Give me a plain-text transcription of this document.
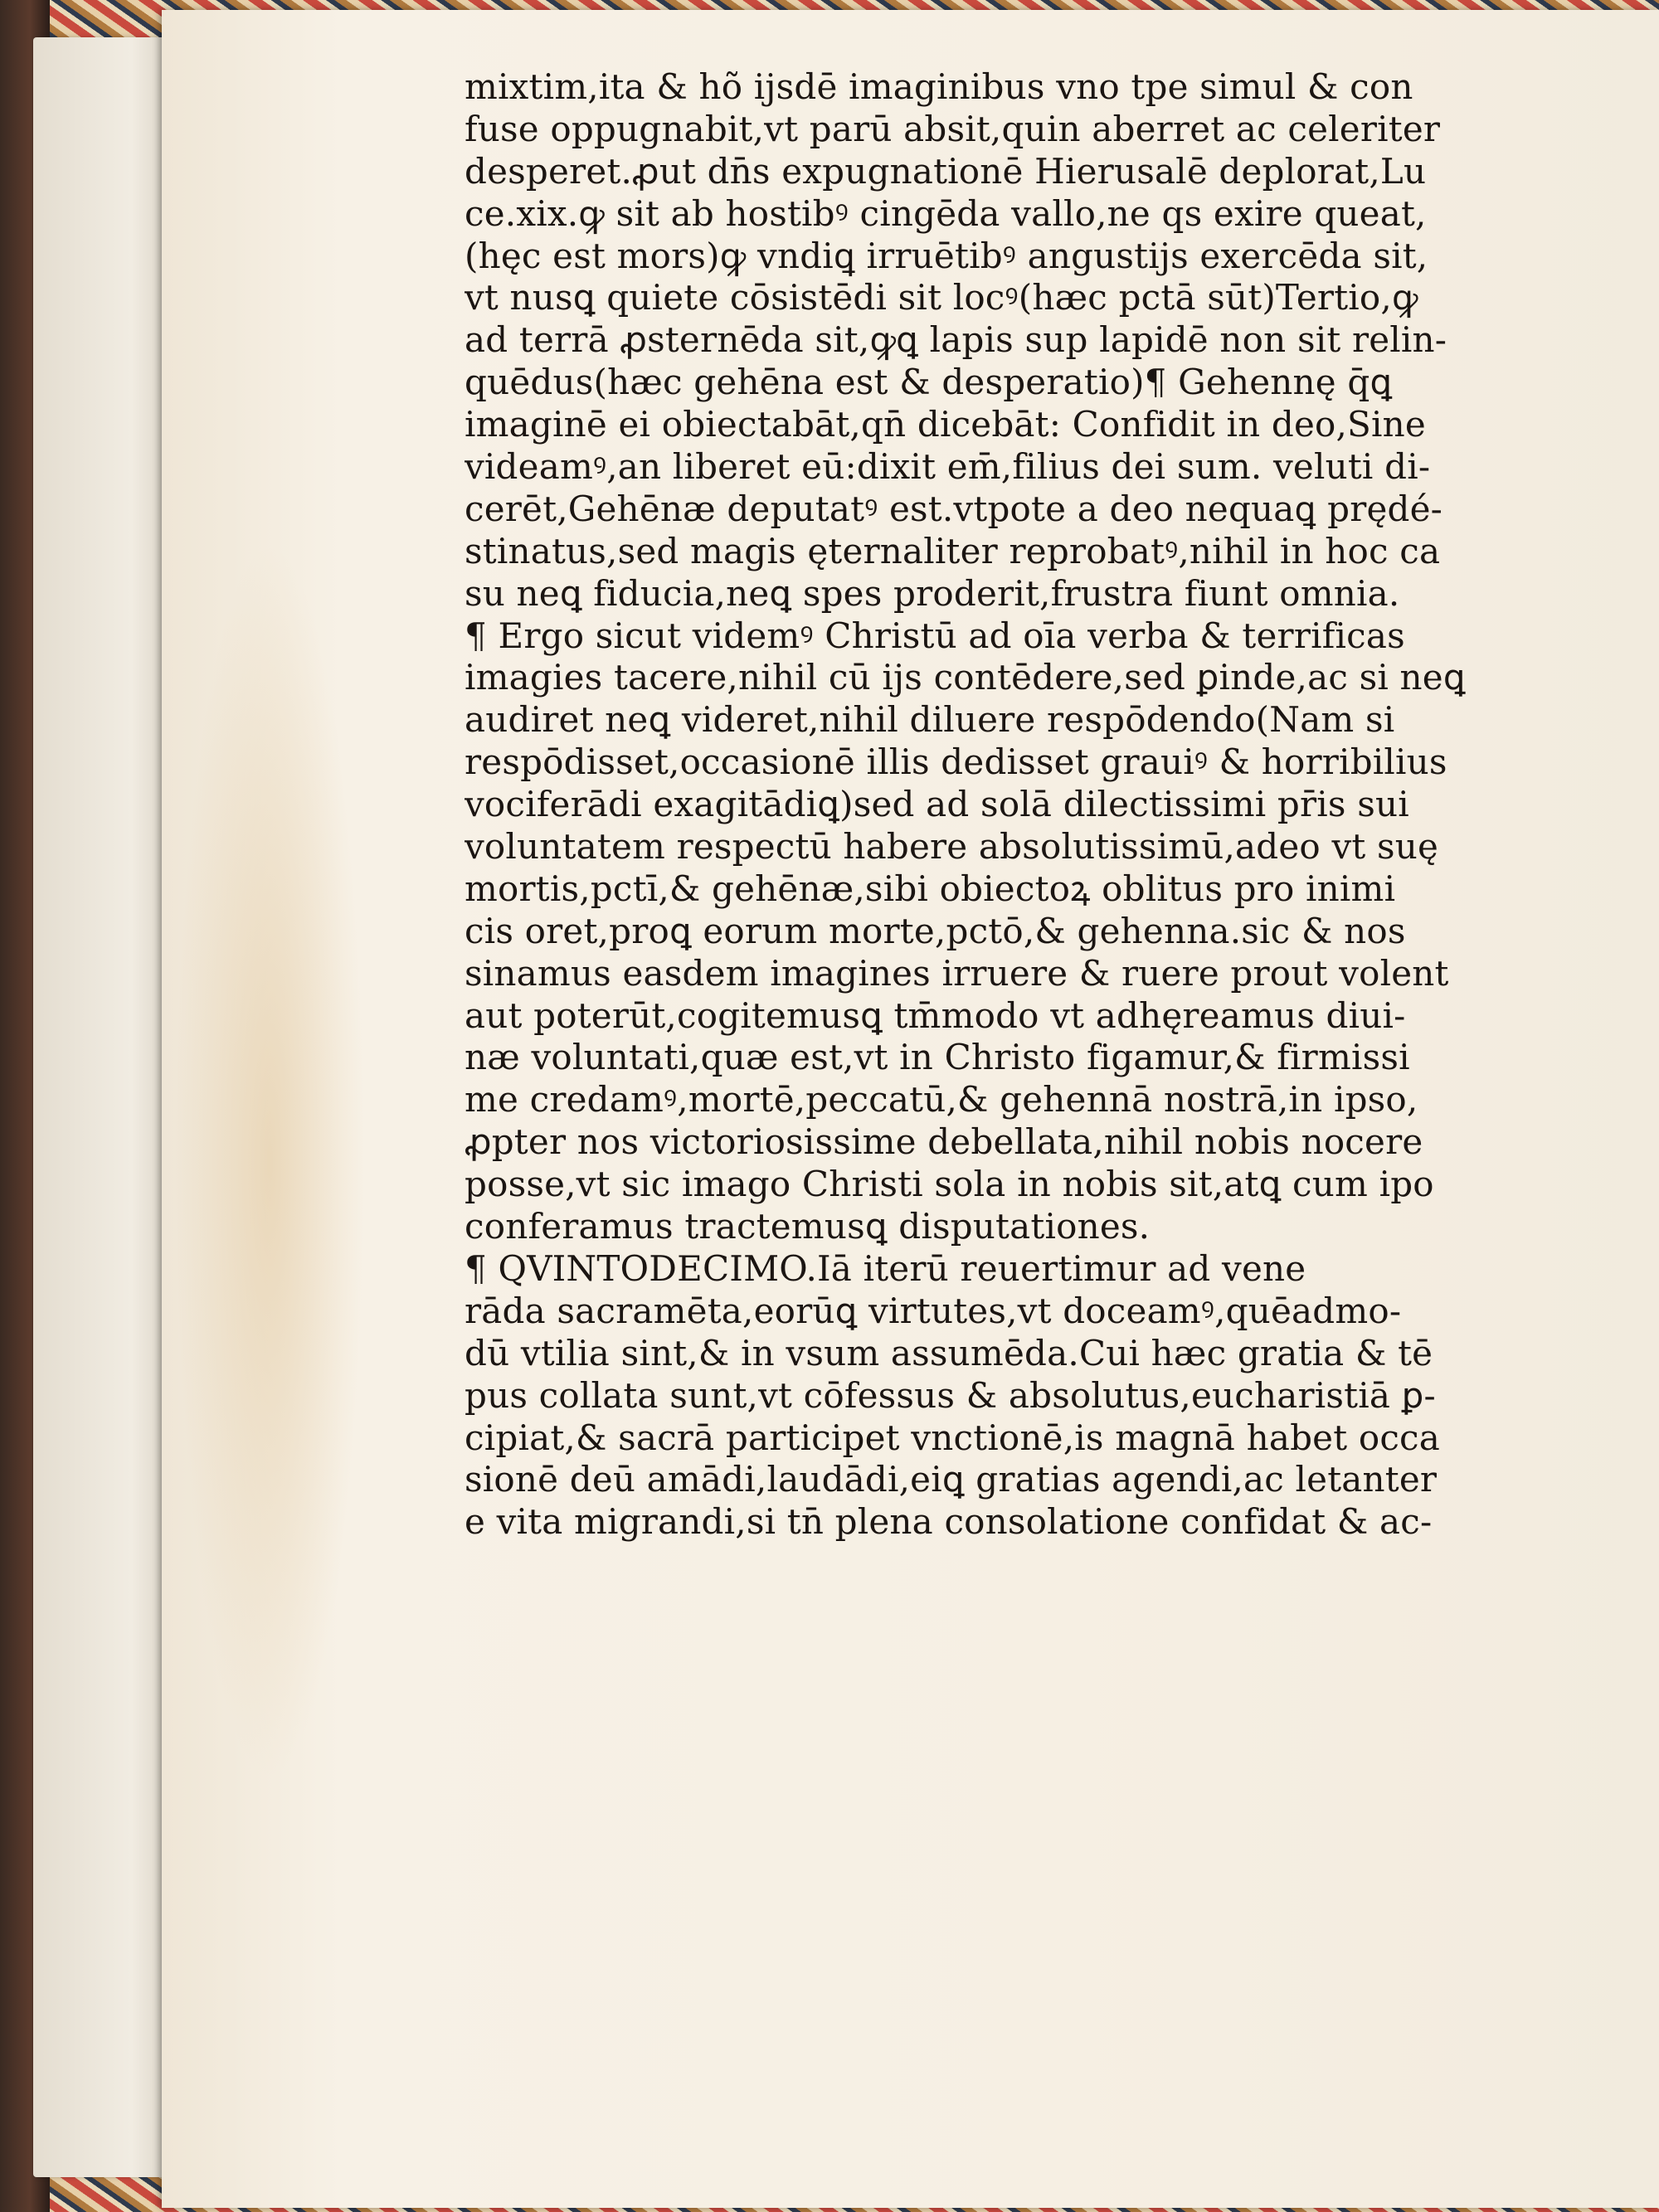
mixtim,ita & hõ ijsdē imaginibus vno tpe simul & con
fuse oppugnabit,vt parū absit,quin aberret ac celeriter
desperet.ꝓut dn̄s expugnationē Hierusalē deplorat,Lu
ce.xix.ꝙ sit ab hostibꝰ cingēda vallo,ne qs exire queat,
(hęc est mors)ꝙ vndiꝗ irruētibꝰ angustijs exercēda sit,
vt nusꝗ quiete cōsistēdi sit locꝰ(hæc pctā sūt)Tertio,ꝙ
ad terrā ꝓsternēda sit,ꝙꝗ lapis sup lapidē non sit relin-
quēdus(hæc gehēna est & desperatio)¶ Gehennę q̄ꝗ
imaginē ei obiectabāt,qn̄ dicebāt: Confidit in deo,Sine
videamꝰ,an liberet eū:dixit em̄,filius dei sum. veluti di-
cerēt,Gehēnæ deputatꝰ est.vtpote a deo nequaꝗ prędé-
stinatus,sed magis ęternaliter reprobatꝰ,nihil in hoc ca
su neꝗ fiducia,neꝗ spes proderit,frustra fiunt omnia.
¶ Ergo sicut videmꝰ Christū ad oīa verba & terrificas
imagies tacere,nihil cū ijs contēdere,sed ꝑinde,ac si neꝗ
audiret neꝗ videret,nihil diluere respōdendo(Nam si
respōdisset,occasionē illis dedisset grauiꝰ & horribilius
vociferādi exagitādiꝗ)sed ad solā dilectissimi pr̄is sui
voluntatem respectū habere absolutissimū,adeo vt suę
mortis,pctī,& gehēnæ,sibi obiectoꝝ oblitus pro inimi
cis oret,proꝗ eorum morte,pctō,& gehenna.sic & nos
sinamus easdem imagines irruere & ruere prout volent
aut poterūt,cogitemusꝗ tm̄modo vt adhęreamus diui-
næ voluntati,quæ est,vt in Christo figamur,& firmissi
me credamꝰ,mortē,peccatū,& gehennā nostrā,in ipso,
ꝓpter nos victoriosissime debellata,nihil nobis nocere
posse,vt sic imago Christi sola in nobis sit,atꝗ cum ipo
conferamus tractemusꝗ disputationes.
¶ QVINTODECIMO.Iā iterū reuertimur ad vene
rāda sacramēta,eorūꝗ virtutes,vt doceamꝰ,quēadmo-
dū vtilia sint,& in vsum assumēda.Cui hæc gratia & tē
pus collata sunt,vt cōfessus & absolutus,eucharistiā ꝑ-
cipiat,& sacrā participet vnctionē,is magnā habet occa
sionē deū amādi,laudādi,eiꝗ gratias agendi,ac letanter
e vita migrandi,si tn̄ plena consolatione confidat & ac-
